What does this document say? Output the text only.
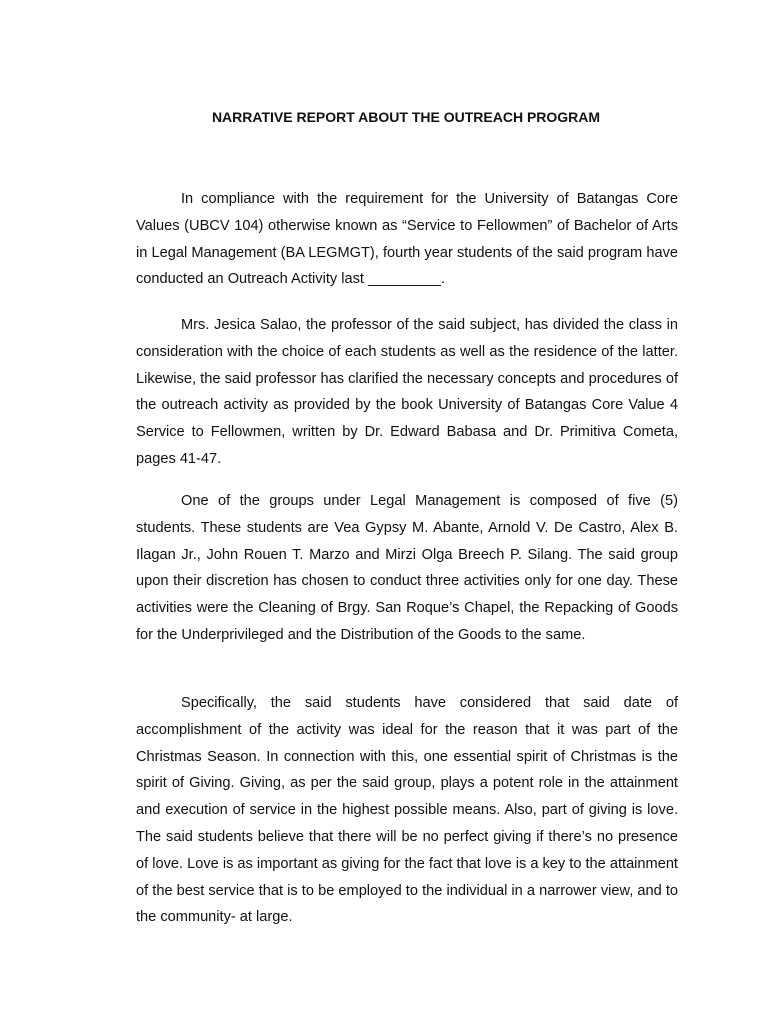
NARRATIVE REPORT ABOUT THE OUTREACH PROGRAM

In compliance with the requirement for the University of Batangas Core Values (UBCV 104) otherwise known as “Service to Fellowmen” of Bachelor of Arts in Legal Management (BA LEGMGT), fourth year students of the said program have conducted an Outreach Activity last _________.

Mrs. Jesica Salao, the professor of the said subject, has divided the class in consideration with the choice of each students as well as the residence of the latter. Likewise, the said professor has clarified the necessary concepts and procedures of the outreach activity as provided by the book University of Batangas Core Value 4 Service to Fellowmen, written by Dr. Edward Babasa and Dr. Primitiva Cometa, pages 41-47.

One of the groups under Legal Management is composed of five (5) students. These students are Vea Gypsy M. Abante, Arnold V. De Castro, Alex B. Ilagan Jr., John Rouen T. Marzo and Mirzi Olga Breech P. Silang. The said group upon their discretion has chosen to conduct three activities only for one day. These activities were the Cleaning of Brgy. San Roque’s Chapel, the Repacking of Goods for the Underprivileged and the Distribution of the Goods to the same.

Specifically, the said students have considered that said date of accomplishment of the activity was ideal for the reason that it was part of the Christmas Season. In connection with this, one essential spirit of Christmas is the spirit of Giving. Giving, as per the said group, plays a potent role in the attainment and execution of service in the highest possible means. Also, part of giving is love. The said students believe that there will be no perfect giving if there’s no presence of love. Love is as important as giving for the fact that love is a key to the attainment of the best service that is to be employed to the individual in a narrower view, and to the community- at large.
